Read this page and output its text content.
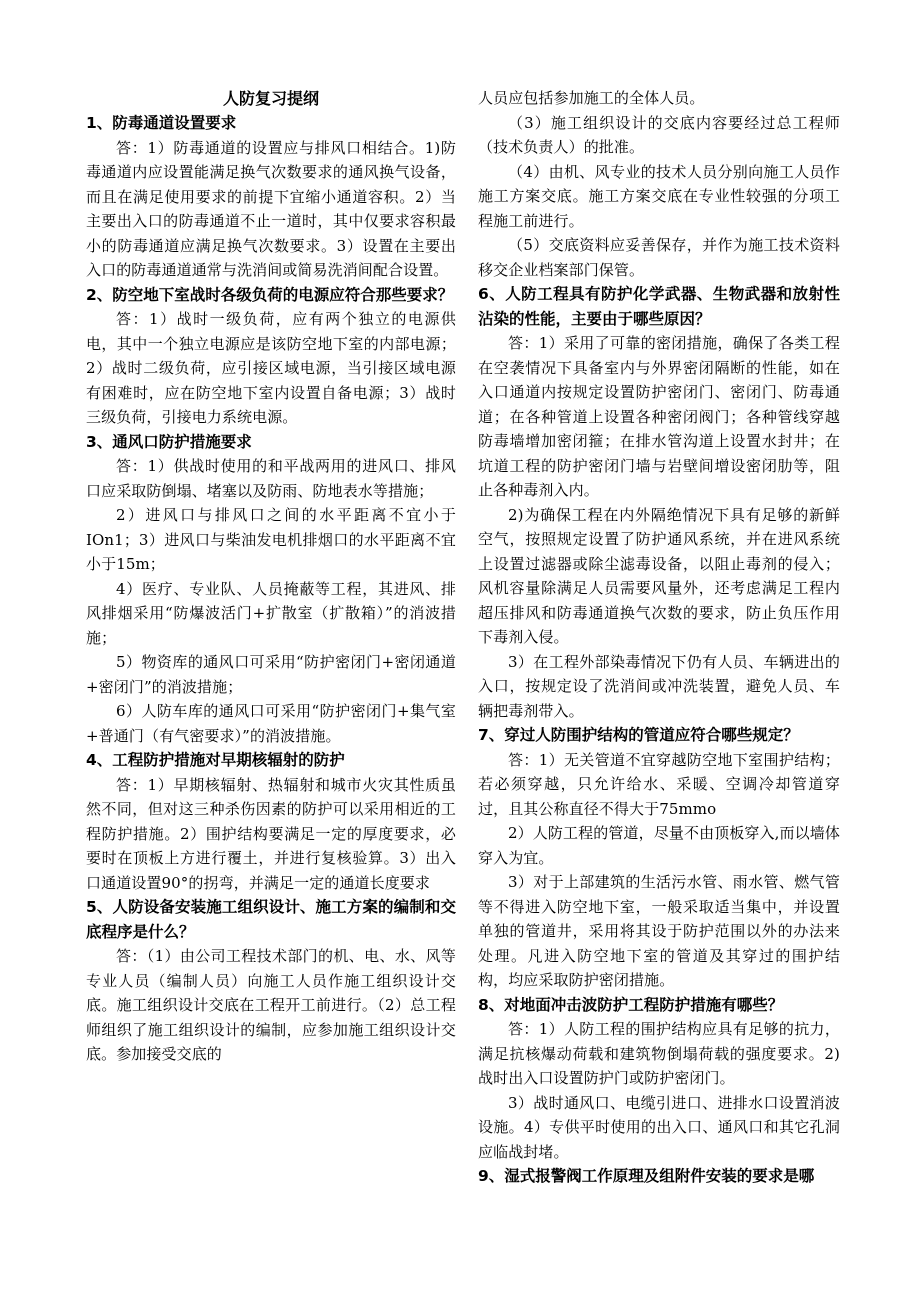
人防复习提纲

1、防毒通道设置要求

答：1）防毒通道的设置应与排风口相结合。1)防毒通道内应设置能满足换气次数要求的通风换气设备，而且在满足使用要求的前提下宜缩小通道容积。2）当主要出入口的防毒通道不止一道时，其中仅要求容积最小的防毒通道应满足换气次数要求。3）设置在主要出入口的防毒通道通常与洗消间或简易洗消间配合设置。

2、防空地下室战时各级负荷的电源应符合那些要求？

答：1）战时一级负荷，应有两个独立的电源供电，其中一个独立电源应是该防空地下室的内部电源；2）战时二级负荷，应引接区域电源，当引接区域电源有困难时，应在防空地下室内设置自备电源；3）战时三级负荷，引接电力系统电源。

3、通风口防护措施要求

答：1）供战时使用的和平战两用的进风口、排风口应采取防倒塌、堵塞以及防雨、防地表水等措施；

2）进风口与排风口之间的水平距离不宜小于IOn1；3）进风口与柴油发电机排烟口的水平距离不宜小于15m；

4）医疗、专业队、人员掩蔽等工程，其进风、排风排烟采用“防爆波活门+扩散室（扩散箱）”的消波措施；

5）物资库的通风口可采用“防护密闭门+密闭通道+密闭门”的消波措施；

6）人防车库的通风口可采用“防护密闭门+集气室+普通门（有气密要求）”的消波措施。

4、工程防护措施对早期核辐射的防护

答：1）早期核辐射、热辐射和城市火灾其性质虽然不同，但对这三种杀伤因素的防护可以采用相近的工程防护措施。2）围护结构要满足一定的厚度要求，必要时在顶板上方进行覆土，并进行复核验算。3）出入口通道设置90°的拐弯，并满足一定的通道长度要求

5、人防设备安装施工组织设计、施工方案的编制和交底程序是什么？

答：（1）由公司工程技术部门的机、电、水、风等专业人员（编制人员）向施工人员作施工组织设计交底。施工组织设计交底在工程开工前进行。（2）总工程师组织了施工组织设计的编制，应参加施工组织设计交底。参加接受交底的

人员应包括参加施工的全体人员。

（3）施工组织设计的交底内容要经过总工程师（技术负责人）的批准。

（4）由机、风专业的技术人员分别向施工人员作施工方案交底。施工方案交底在专业性较强的分项工程施工前进行。

（5）交底资料应妥善保存，并作为施工技术资料移交企业档案部门保管。

6、人防工程具有防护化学武器、生物武器和放射性沾染的性能，主要由于哪些原因？

答：1）采用了可靠的密闭措施，确保了各类工程在空袭情况下具备室内与外界密闭隔断的性能，如在入口通道内按规定设置防护密闭门、密闭门、防毒通道；在各种管道上设置各种密闭阀门；各种管线穿越防毒墙增加密闭箍；在排水管沟道上设置水封井；在坑道工程的防护密闭门墙与岩壁间增设密闭肋等，阻止各种毒剂入内。

2)为确保工程在内外隔绝情况下具有足够的新鲜空气，按照规定设置了防护通风系统，并在进风系统上设置过滤器或除尘滤毒设备，以阻止毒剂的侵入；风机容量除满足人员需要风量外，还考虑满足工程内超压排风和防毒通道换气次数的要求，防止负压作用下毒剂入侵。

3）在工程外部染毒情况下仍有人员、车辆进出的入口，按规定设了洗消间或冲洗装置，避免人员、车辆把毒剂带入。

7、穿过人防围护结构的管道应符合哪些规定？

答：1）无关管道不宜穿越防空地下室围护结构；若必须穿越，只允许给水、采暖、空调冷却管道穿过，且其公称直径不得大于75mmo

2）人防工程的管道，尽量不由顶板穿入,而以墙体穿入为宜。

3）对于上部建筑的生活污水管、雨水管、燃气管等不得进入防空地下室，一般采取适当集中，并设置单独的管道井，采用将其设于防护范围以外的办法来处理。凡进入防空地下室的管道及其穿过的围护结构，均应采取防护密闭措施。

8、对地面冲击波防护工程防护措施有哪些？

答：1）人防工程的围护结构应具有足够的抗力，满足抗核爆动荷载和建筑物倒塌荷载的强度要求。2)战时出入口设置防护门或防护密闭门。

3）战时通风口、电缆引进口、进排水口设置消波设施。4）专供平时使用的出入口、通风口和其它孔洞应临战封堵。

9、湿式报警阀工作原理及组附件安装的要求是哪
